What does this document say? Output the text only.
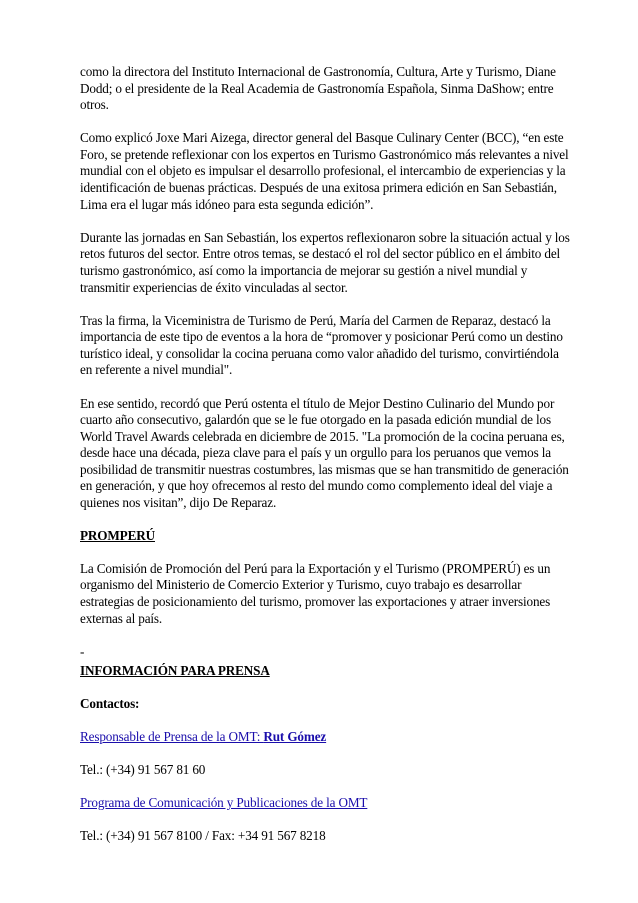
como la directora del Instituto Internacional de Gastronomía, Cultura, Arte y Turismo, Diane Dodd; o el presidente de la Real Academia de Gastronomía Española, Sinma DaShow; entre otros.

Como explicó Joxe Mari Aizega, director general del Basque Culinary Center (BCC), “en este Foro, se pretende reflexionar con los expertos en Turismo Gastronómico más relevantes a nivel mundial con el objeto es impulsar el desarrollo profesional, el intercambio de experiencias y la identificación de buenas prácticas. Después de una exitosa primera edición en San Sebastián, Lima era el lugar más idóneo para esta segunda edición”.

Durante las jornadas en San Sebastián, los expertos reflexionaron sobre la situación actual y los retos futuros del sector. Entre otros temas, se destacó el rol del sector público en el ámbito del turismo gastronómico, así como la importancia de mejorar su gestión a nivel mundial y transmitir experiencias de éxito vinculadas al sector.

Tras la firma, la Viceministra de Turismo de Perú, María del Carmen de Reparaz, destacó la importancia de este tipo de eventos a la hora de “promover y posicionar Perú como un destino turístico ideal, y consolidar la cocina peruana como valor añadido del turismo, convirtiéndola en referente a nivel mundial".

En ese sentido, recordó que Perú ostenta el título de Mejor Destino Culinario del Mundo por cuarto año consecutivo, galardón que se le fue otorgado en la pasada edición mundial de los World Travel Awards celebrada en diciembre de 2015. "La promoción de la cocina peruana es, desde hace una década, pieza clave para el país y un orgullo para los peruanos que vemos la posibilidad de transmitir nuestras costumbres, las mismas que se han transmitido de generación en generación, y que hoy ofrecemos al resto del mundo como complemento ideal del viaje a quienes nos visitan”, dijo De Reparaz.

PROMPERÚ

La Comisión de Promoción del Perú para la Exportación y el Turismo (PROMPERÚ) es un organismo del Ministerio de Comercio Exterior y Turismo, cuyo trabajo es desarrollar estrategias de posicionamiento del turismo, promover las exportaciones y atraer inversiones externas al país.

-

INFORMACIÓN PARA PRENSA

Contactos:

Responsable de Prensa de la OMT: Rut Gómez

Tel.: (+34) 91 567 81 60

Programa de Comunicación y Publicaciones de la OMT

Tel.: (+34) 91 567 8100 / Fax: +34 91 567 8218
